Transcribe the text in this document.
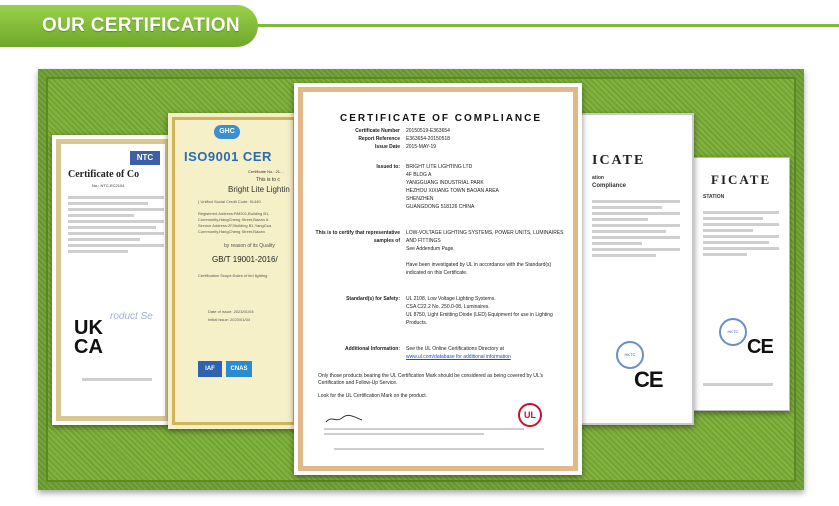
OUR CERTIFICATION
FICATE
STATION
HKTC
CE
ICATE
ation
Compliance
HKTC
CE
NTC
Certificate of Co
No.: NTC-EC2104
roduct Se
UK
CA
GHC
ISO9001 CER
Certificate No.: 21…
This is to c
Bright Lite Lightin
( Unified Social Credit Code: 91440
Registered Address:RM201,Building B1,
Community,HangCheng Street,Baoan A
Service Address:2F,Building B1,YangGua
Community,HangCheng Street,Baoan
by reason of its Quality
GB/T 19001-2016/
Certification Scope:Sales of led lighting
Date of issue: 2023/01/04
Initial issue: 2023/01/04
IAF	CNAS
CERTIFICATE OF COMPLIANCE
Certificate Number 20150519-E363654
Report Reference E363654-20150518
Issue Date 2015-MAY-19
Issued to: BRIGHT LITE LIGHTING LTD
4F BLDG A
YANGGUANG INDUSTRIAL PARK
HEZHOU XIXIANG TOWN BAOAN AREA
SHENZHEN
GUANGDONG 518126 CHINA
This is to certify that representative samples of
LOW-VOLTAGE LIGHTING SYSTEMS, POWER UNITS, LUMINAIRES AND FITTINGS
See Addendum Page.
Have been investigated by UL in accordance with the Standard(s) indicated on this Certificate.
Standard(s) for Safety: UL 2108, Low Voltage Lighting Systems.
CSA C22.2 No. 250.0-08, Luminaires.
UL 8750, Light Emitting Diode (LED) Equipment for use in Lighting Products.
Additional Information: See the UL Online Certifications Directory at
www.ul.com/database for additional information
Only those products bearing the UL Certification Mark should be considered as being covered by UL's Certification and Follow-Up Service.
Look for the UL Certification Mark on the product.
UL
